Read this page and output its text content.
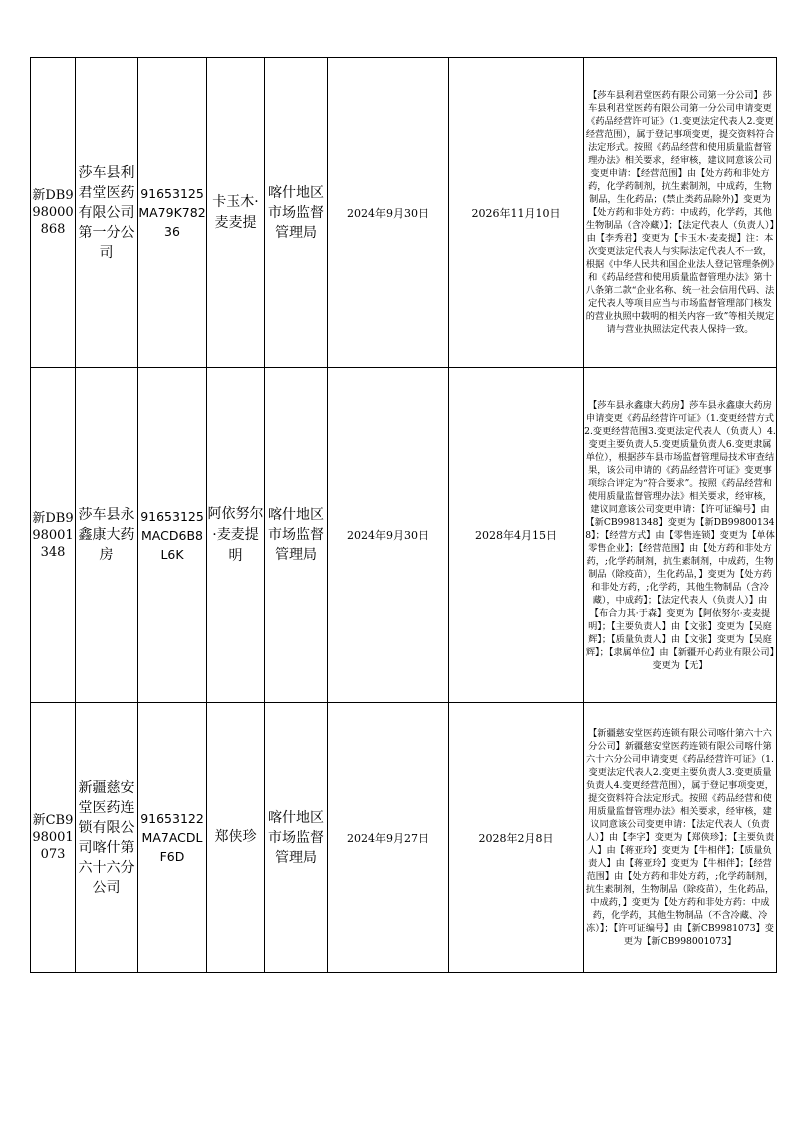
新DB998000868	莎车县利君堂医药有限公司第一分公司	91653125MA79K78236	卡玉木·麦麦提	喀什地区市场监督管理局	2024年9月30日	2026年11月10日	【莎车县利君堂医药有限公司第一分公司】莎车县利君堂医药有限公司第一分公司申请变更《药品经营许可证》（1.变更法定代表人2.变更经营范围），属于登记事项变更，提交资料符合法定形式。按照《药品经营和使用质量监督管理办法》相关要求，经审核，建议同意该公司变更申请：【经营范围】由【处方药和非处方药，化学药制剂，抗生素制剂，中成药，生物制品，生化药品；(禁止类药品除外)】变更为【处方药和非处方药：中成药，化学药，其他生物制品（含冷藏）】；【法定代表人（负责人）】由【李秀君】变更为【卡玉木·麦麦提】注：本次变更法定代表人与实际法定代表人不一致，根据《中华人民共和国企业法人登记管理条例》和《药品经营和使用质量监督管理办法》第十八条第二款“企业名称、统一社会信用代码、法定代表人等项目应当与市场监督管理部门核发的营业执照中载明的相关内容一致”等相关规定请与营业执照法定代表人保持一致。
新DB998001348	莎车县永鑫康大药房	91653125MACD6B8L6K	阿依努尔·麦麦提明	喀什地区市场监督管理局	2024年9月30日	2028年4月15日	【莎车县永鑫康大药房】莎车县永鑫康大药房申请变更《药品经营许可证》（1.变更经营方式2.变更经营范围3.变更法定代表人（负责人）4.变更主要负责人5.变更质量负责人6.变更隶属单位），根据莎车县市场监督管理局技术审查结果，该公司申请的《药品经营许可证》变更事项综合评定为“符合要求”。按照《药品经营和使用质量监督管理办法》相关要求，经审核，建议同意该公司变更申请：【许可证编号】由【新CB9981348】变更为【新DB998001348】；【经营方式】由【零售连锁】变更为【单体零售企业】；【经营范围】由【处方药和非处方药，;化学药制剂，抗生素制剂，中成药，生物制品（除疫苗），生化药品，】变更为【处方药和非处方药，;化学药，其他生物制品（含冷藏），中成药】；【法定代表人（负责人）】由【布合力其·于森】变更为【阿依努尔·麦麦提明】；【主要负责人】由【文张】变更为【吴庭辉】；【质量负责人】由【文张】变更为【吴庭辉】；【隶属单位】由【新疆开心药业有限公司】变更为【无】
新CB998001073	新疆慈安堂医药连锁有限公司喀什第六十六分公司	91653122MA7ACDLF6D	郑侠珍	喀什地区市场监督管理局	2024年9月27日	2028年2月8日	【新疆慈安堂医药连锁有限公司喀什第六十六分公司】新疆慈安堂医药连锁有限公司喀什第六十六分公司申请变更《药品经营许可证》（1.变更法定代表人2.变更主要负责人3.变更质量负责人4.变更经营范围），属于登记事项变更，提交资料符合法定形式。按照《药品经营和使用质量监督管理办法》相关要求，经审核，建议同意该公司变更申请：【法定代表人（负责人）】由【李字】变更为【郑侠珍】；【主要负责人】由【蒋亚玲】变更为【牛相伴】；【质量负责人】由【蒋亚玲】变更为【牛相伴】；【经营范围】由【处方药和非处方药，;化学药制剂，抗生素制剂，生物制品（除疫苗），生化药品，中成药，】变更为【处方药和非处方药：中成药，化学药，其他生物制品（不含冷藏、冷冻）】；【许可证编号】由【新CB9981073】变更为【新CB998001073】
